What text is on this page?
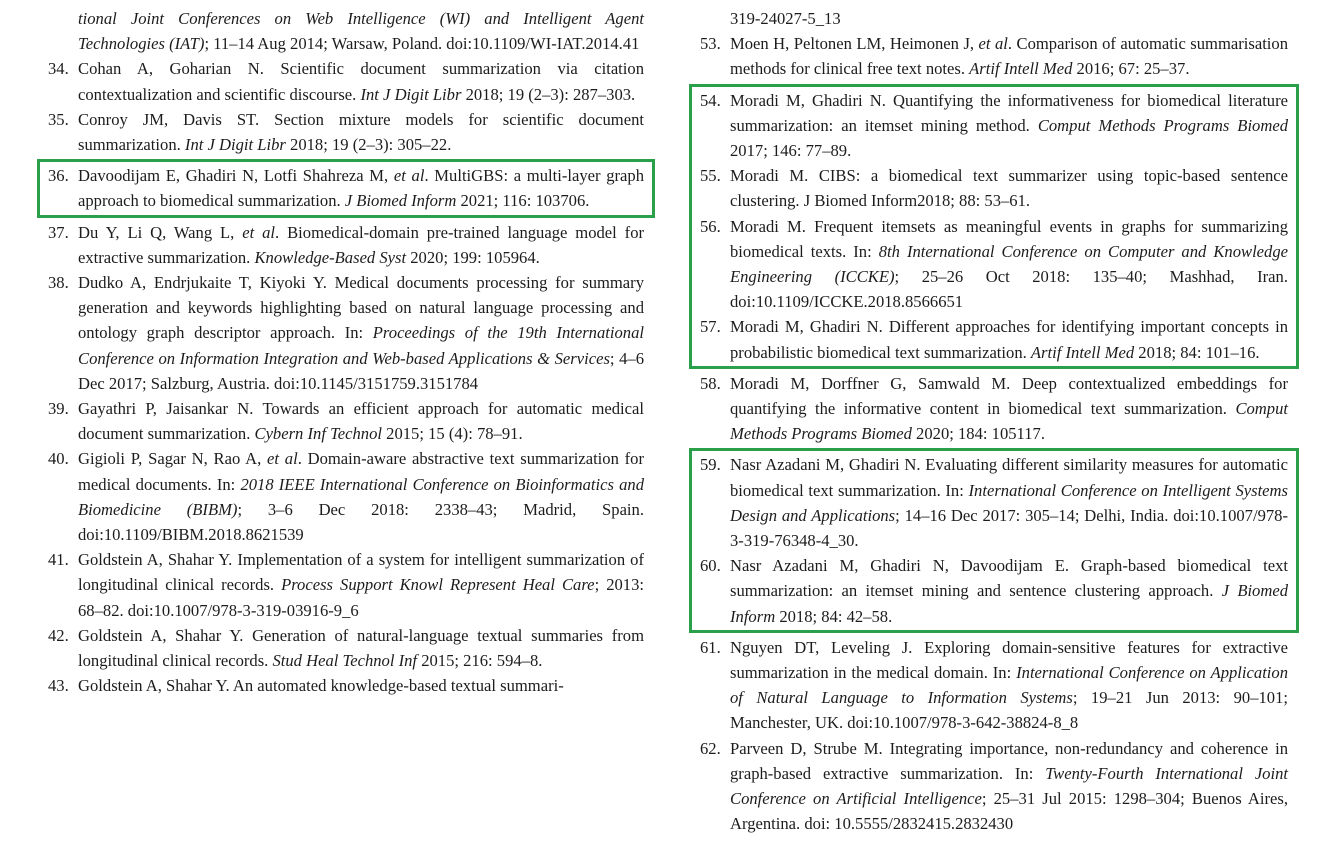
tional Joint Conferences on Web Intelligence (WI) and Intelligent Agent Technologies (IAT); 11–14 Aug 2014; Warsaw, Poland. doi:10.1109/WI-IAT.2014.41

34. Cohan A, Goharian N. Scientific document summarization via citation contextualization and scientific discourse. Int J Digit Libr 2018; 19 (2–3): 287–303.

35. Conroy JM, Davis ST. Section mixture models for scientific document summarization. Int J Digit Libr 2018; 19 (2–3): 305–22.

36. Davoodijam E, Ghadiri N, Lotfi Shahreza M, et al. MultiGBS: a multi-layer graph approach to biomedical summarization. J Biomed Inform 2021; 116: 103706.

37. Du Y, Li Q, Wang L, et al. Biomedical-domain pre-trained language model for extractive summarization. Knowledge-Based Syst 2020; 199: 105964.

38. Dudko A, Endrjukaite T, Kiyoki Y. Medical documents processing for summary generation and keywords highlighting based on natural language processing and ontology graph descriptor approach. In: Proceedings of the 19th International Conference on Information Integration and Web-based Applications & Services; 4–6 Dec 2017; Salzburg, Austria. doi:10.1145/3151759.3151784

39. Gayathri P, Jaisankar N. Towards an efficient approach for automatic medical document summarization. Cybern Inf Technol 2015; 15 (4): 78–91.

40. Gigioli P, Sagar N, Rao A, et al. Domain-aware abstractive text summarization for medical documents. In: 2018 IEEE International Conference on Bioinformatics and Biomedicine (BIBM); 3–6 Dec 2018: 2338–43; Madrid, Spain. doi:10.1109/BIBM.2018.8621539

41. Goldstein A, Shahar Y. Implementation of a system for intelligent summarization of longitudinal clinical records. Process Support Knowl Represent Heal Care; 2013: 68–82. doi:10.1007/978-3-319-03916-9_6

42. Goldstein A, Shahar Y. Generation of natural-language textual summaries from longitudinal clinical records. Stud Heal Technol Inf 2015; 216: 594–8.

43. Goldstein A, Shahar Y. An automated knowledge-based textual summari-

319-24027-5_13

53. Moen H, Peltonen LM, Heimonen J, et al. Comparison of automatic summarisation methods for clinical free text notes. Artif Intell Med 2016; 67: 25–37.

54. Moradi M, Ghadiri N. Quantifying the informativeness for biomedical literature summarization: an itemset mining method. Comput Methods Programs Biomed 2017; 146: 77–89.

55. Moradi M. CIBS: a biomedical text summarizer using topic-based sentence clustering. J Biomed Inform2018; 88: 53–61.

56. Moradi M. Frequent itemsets as meaningful events in graphs for summarizing biomedical texts. In: 8th International Conference on Computer and Knowledge Engineering (ICCKE); 25–26 Oct 2018: 135–40; Mashhad, Iran. doi:10.1109/ICCKE.2018.8566651

57. Moradi M, Ghadiri N. Different approaches for identifying important concepts in probabilistic biomedical text summarization. Artif Intell Med 2018; 84: 101–16.

58. Moradi M, Dorffner G, Samwald M. Deep contextualized embeddings for quantifying the informative content in biomedical text summarization. Comput Methods Programs Biomed 2020; 184: 105117.

59. Nasr Azadani M, Ghadiri N. Evaluating different similarity measures for automatic biomedical text summarization. In: International Conference on Intelligent Systems Design and Applications; 14–16 Dec 2017: 305–14; Delhi, India. doi:10.1007/978-3-319-76348-4_30.

60. Nasr Azadani M, Ghadiri N, Davoodijam E. Graph-based biomedical text summarization: an itemset mining and sentence clustering approach. J Biomed Inform 2018; 84: 42–58.

61. Nguyen DT, Leveling J. Exploring domain-sensitive features for extractive summarization in the medical domain. In: International Conference on Application of Natural Language to Information Systems; 19–21 Jun 2013: 90–101; Manchester, UK. doi:10.1007/978-3-642-38824-8_8

62. Parveen D, Strube M. Integrating importance, non-redundancy and coherence in graph-based extractive summarization. In: Twenty-Fourth International Joint Conference on Artificial Intelligence; 25–31 Jul 2015: 1298–304; Buenos Aires, Argentina. doi: 10.5555/2832415.2832430
